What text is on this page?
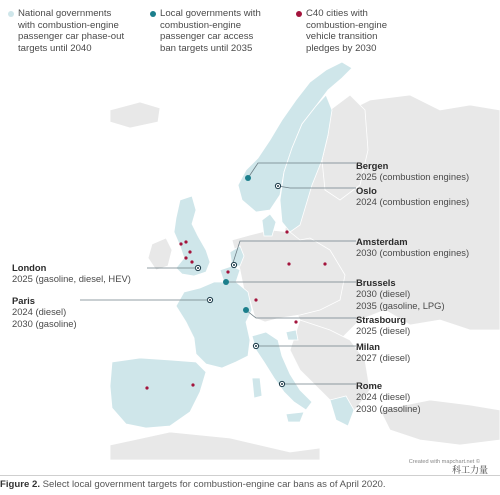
National governments
with combustion-engine
passenger car phase-out
targets until 2040
Local governments with
combustion-engine
passenger car access
ban targets until 2035
C40 cities with
combustion-engine
vehicle transition
pledges by 2030
Bergen
2025 (combustion engines)
Oslo
2024 (combustion engines)
Amsterdam
2030 (combustion engines)
Brussels
2030 (diesel)
2035 (gasoline, LPG)
Strasbourg
2025 (diesel)
Milan
2027 (diesel)
Rome
2024 (diesel)
2030 (gasoline)
London
2025 (gasoline, diesel, HEV)
Paris
2024 (diesel)
2030 (gasoline)
Created with mapchart.net ©
科工力量
Figure 2. Select local government targets for combustion-engine car bans as of April 2020.
